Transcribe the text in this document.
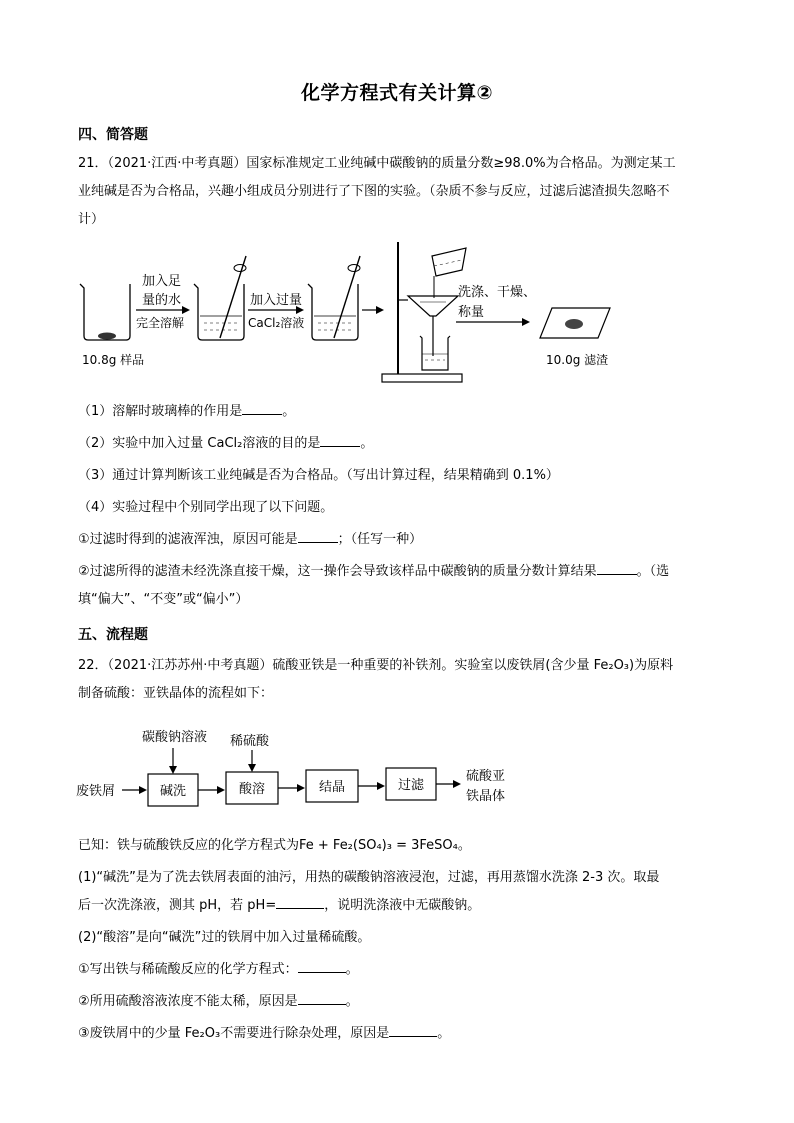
化学方程式有关计算②
四、简答题
21．（2021·江西·中考真题）国家标准规定工业纯碱中碳酸钠的质量分数≥98.0%为合格品。为测定某工
业纯碱是否为合格品，兴趣小组成员分别进行了下图的实验。（杂质不参与反应，过滤后滤渣损失忽略不
计）
10.8g 样品
加入足
量的水
完全溶解
加入过量
CaCl₂溶液
洗涤、干燥、
称量
10.0g 滤渣
（1）溶解时玻璃棒的作用是	。
（2）实验中加入过量 CaCl₂溶液的目的是	。
（3）通过计算判断该工业纯碱是否为合格品。（写出计算过程，结果精确到 0.1%）
（4）实验过程中个别同学出现了以下问题。
①过滤时得到的滤液浑浊，原因可能是	；（任写一种）
②过滤所得的滤渣未经洗涤直接干燥，这一操作会导致该样品中碳酸钠的质量分数计算结果	。（选
填“偏大”、“不变”或“偏小”）
五、流程题
22．（2021·江苏苏州·中考真题）硫酸亚铁是一种重要的补铁剂。实验室以废铁屑(含少量 Fe₂O₃)为原料
制备硫酸：亚铁晶体的流程如下：
碳酸钠溶液 稀硫酸
废铁屑	碱洗	酸溶	结晶	过滤
硫酸亚
铁晶体
已知：铁与硫酸铁反应的化学方程式为Fe + Fe₂(SO₄)₃ = 3FeSO₄。
(1)“碱洗”是为了洗去铁屑表面的油污，用热的碳酸钠溶液浸泡，过滤，再用蒸馏水洗涤 2-3 次。取最
后一次洗涤液，测其 pH，若 pH=	，说明洗涤液中无碳酸钠。
(2)“酸溶”是向“碱洗”过的铁屑中加入过量稀硫酸。
①写出铁与稀硫酸反应的化学方程式：	。
②所用硫酸溶液浓度不能太稀，原因是	。
③废铁屑中的少量 Fe₂O₃不需要进行除杂处理，原因是	。
